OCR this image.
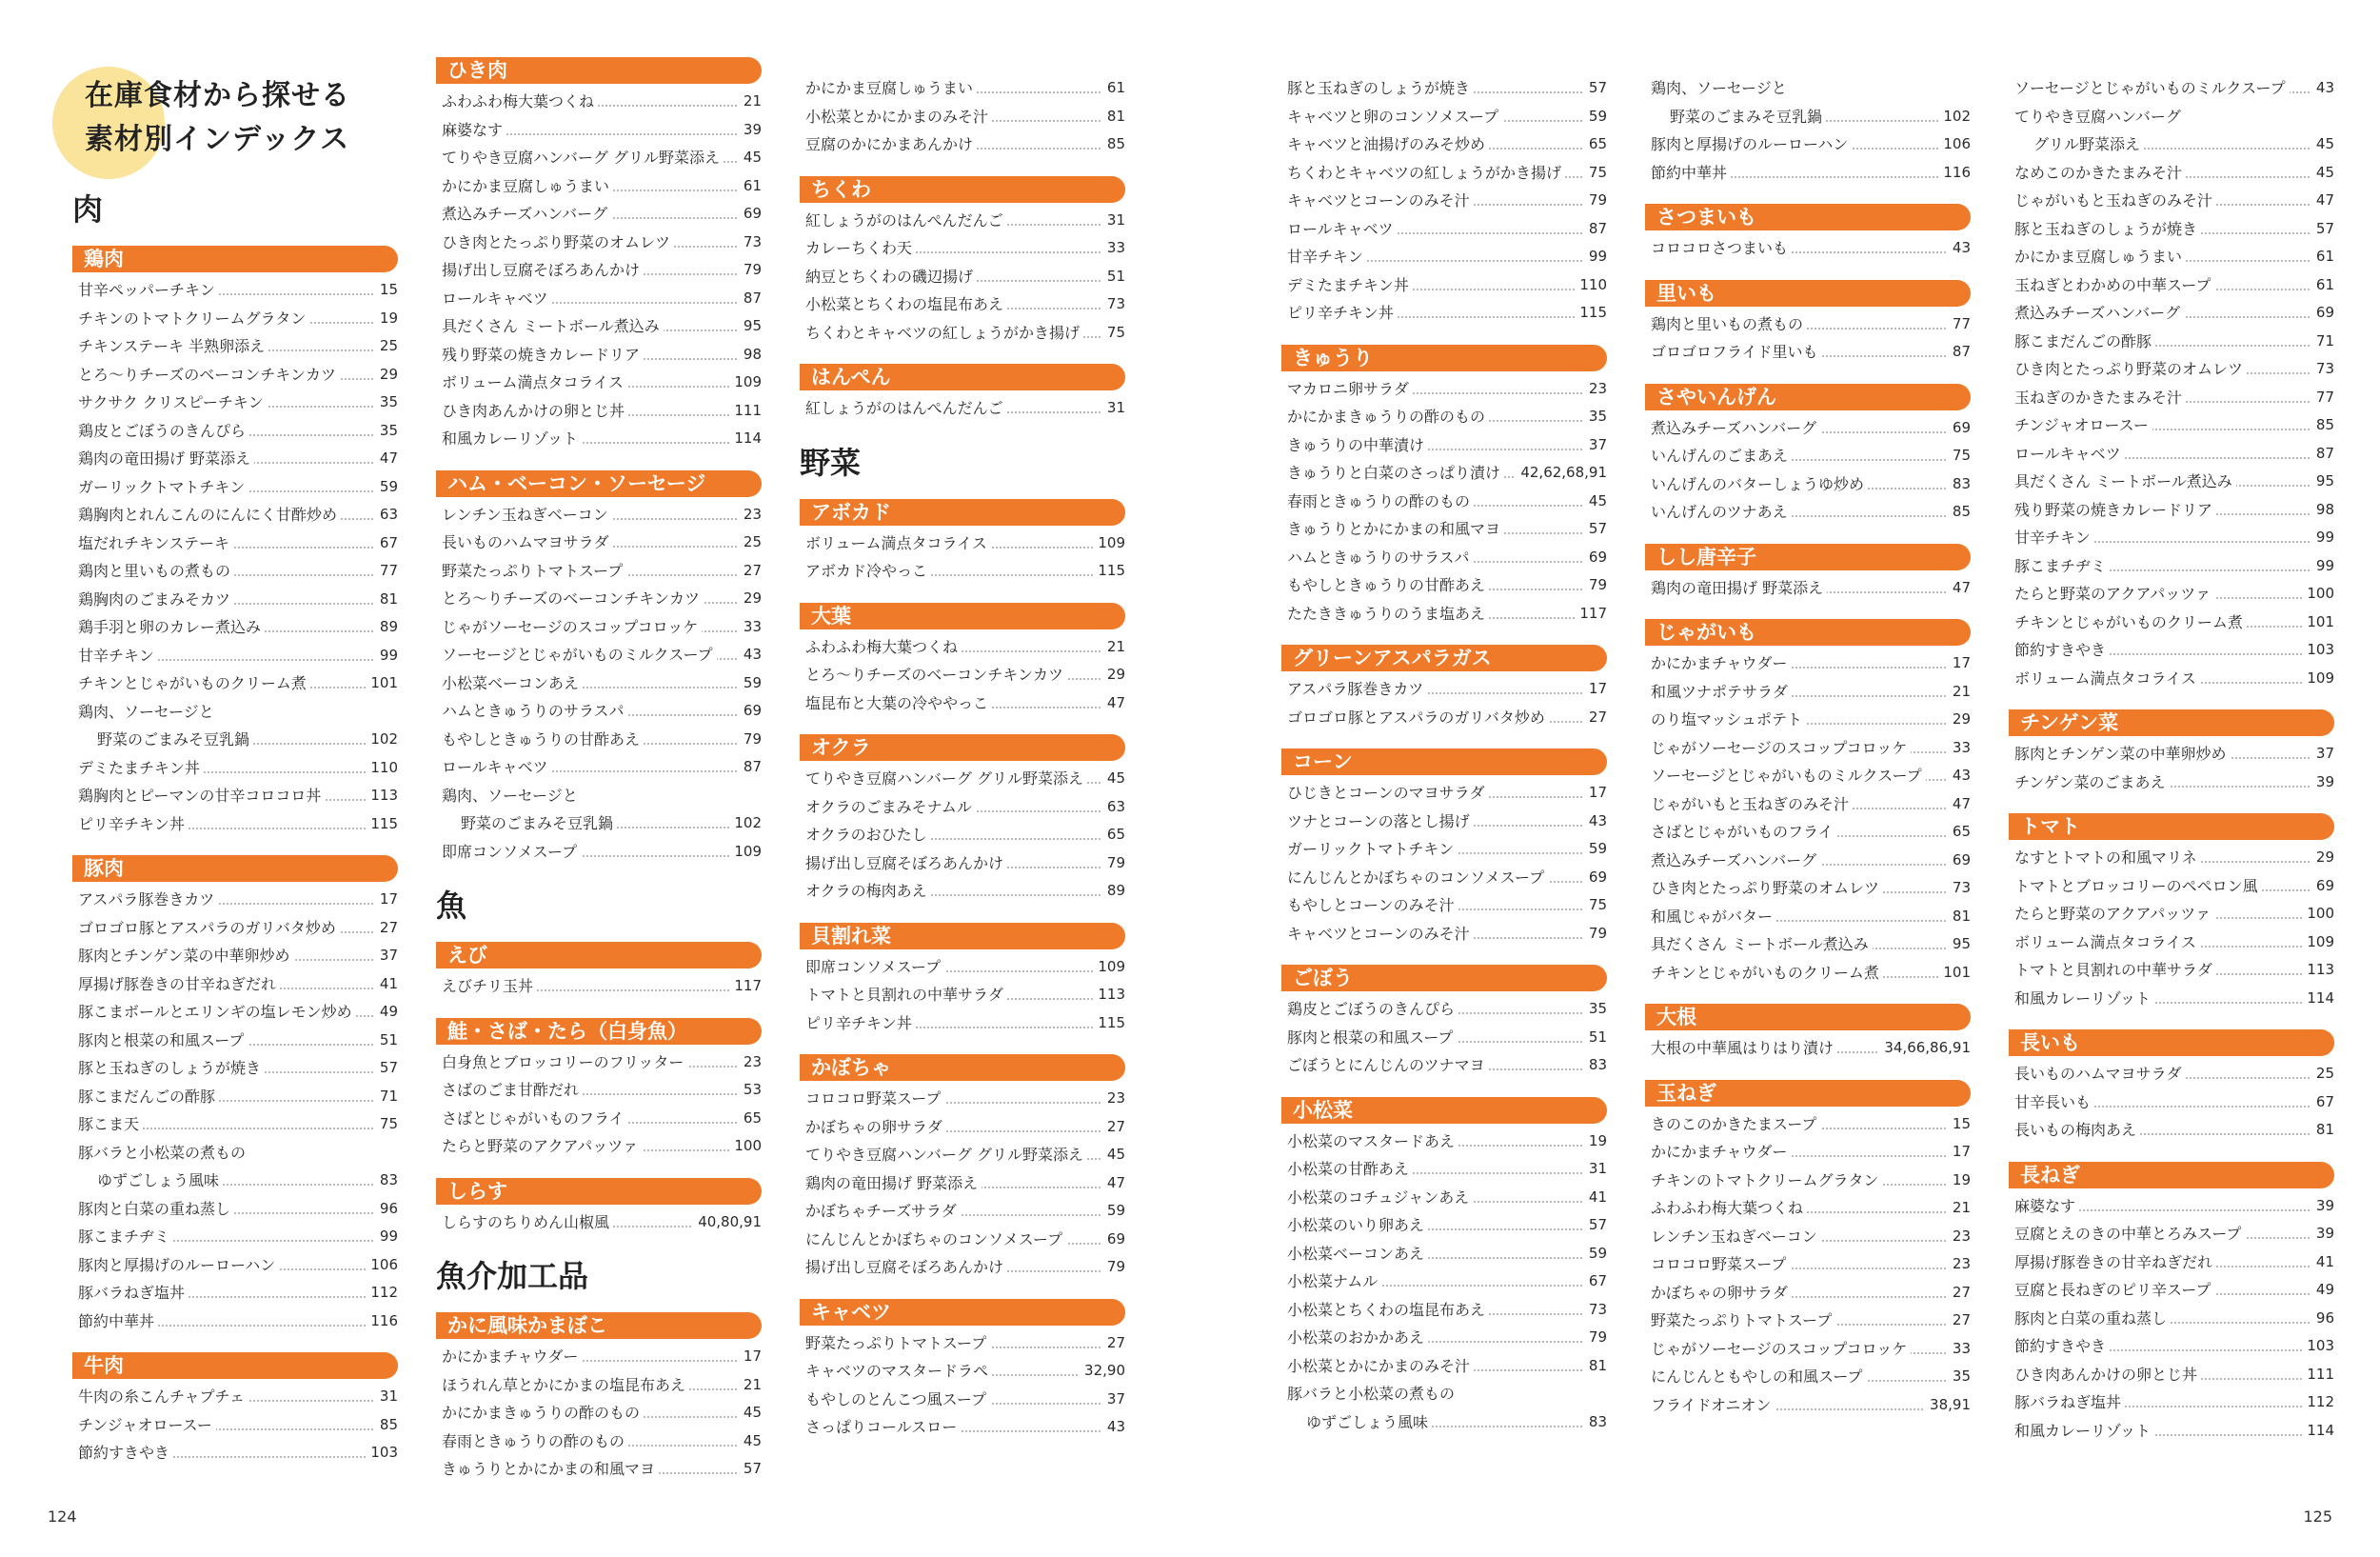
在庫食材から探せる
素材別インデックス
肉
鶏肉
甘辛ペッパーチキン	15
チキンのトマトクリームグラタン	19
チキンステーキ 半熟卵添え	25
とろ〜りチーズのベーコンチキンカツ	29
サクサク クリスピーチキン	35
鶏皮とごぼうのきんぴら	35
鶏肉の竜田揚げ 野菜添え	47
ガーリックトマトチキン	59
鶏胸肉とれんこんのにんにく甘酢炒め	63
塩だれチキンステーキ	67
鶏肉と里いもの煮もの	77
鶏胸肉のごまみそカツ	81
鶏手羽と卵のカレー煮込み	89
甘辛チキン	99
チキンとじゃがいものクリーム煮	101
鶏肉、ソーセージと
野菜のごまみそ豆乳鍋	102
デミたまチキン丼	110
鶏胸肉とピーマンの甘辛コロコロ丼	113
ピリ辛チキン丼	115
豚肉
アスパラ豚巻きカツ	17
ゴロゴロ豚とアスパラのガリバタ炒め	27
豚肉とチンゲン菜の中華卵炒め	37
厚揚げ豚巻きの甘辛ねぎだれ	41
豚こまボールとエリンギの塩レモン炒め	49
豚肉と根菜の和風スープ	51
豚と玉ねぎのしょうが焼き	57
豚こまだんごの酢豚	71
豚こま天	75
豚バラと小松菜の煮もの
ゆずごしょう風味	83
豚肉と白菜の重ね蒸し	96
豚こまチヂミ	99
豚肉と厚揚げのルーローハン	106
豚バラねぎ塩丼	112
節約中華丼	116
牛肉
牛肉の糸こんチャプチェ	31
チンジャオロースー	85
節約すきやき	103
ひき肉
ふわふわ梅大葉つくね	21
麻婆なす	39
てりやき豆腐ハンバーグ グリル野菜添え	45
かにかま豆腐しゅうまい	61
煮込みチーズハンバーグ	69
ひき肉とたっぷり野菜のオムレツ	73
揚げ出し豆腐そぼろあんかけ	79
ロールキャベツ	87
具だくさん ミートボール煮込み	95
残り野菜の焼きカレードリア	98
ボリューム満点タコライス	109
ひき肉あんかけの卵とじ丼	111
和風カレーリゾット	114
ハム・ベーコン・ソーセージ
レンチン玉ねぎベーコン	23
長いものハムマヨサラダ	25
野菜たっぷりトマトスープ	27
とろ〜りチーズのベーコンチキンカツ	29
じゃがソーセージのスコップコロッケ	33
ソーセージとじゃがいものミルクスープ	43
小松菜ベーコンあえ	59
ハムときゅうりのサラスパ	69
もやしときゅうりの甘酢あえ	79
ロールキャベツ	87
鶏肉、ソーセージと
野菜のごまみそ豆乳鍋	102
即席コンソメスープ	109
魚
えび
えびチリ玉丼	117
鮭・さば・たら（白身魚）
白身魚とブロッコリーのフリッター	23
さばのごま甘酢だれ	53
さばとじゃがいものフライ	65
たらと野菜のアクアパッツァ	100
しらす
しらすのちりめん山椒風	40,80,91
魚介加工品
かに風味かまぼこ
かにかまチャウダー	17
ほうれん草とかにかまの塩昆布あえ	21
かにかまきゅうりの酢のもの	45
春雨ときゅうりの酢のもの	45
きゅうりとかにかまの和風マヨ	57
かにかま豆腐しゅうまい	61
小松菜とかにかまのみそ汁	81
豆腐のかにかまあんかけ	85
ちくわ
紅しょうがのはんぺんだんご	31
カレーちくわ天	33
納豆とちくわの磯辺揚げ	51
小松菜とちくわの塩昆布あえ	73
ちくわとキャベツの紅しょうがかき揚げ	75
はんぺん
紅しょうがのはんぺんだんご	31
野菜
アボカド
ボリューム満点タコライス	109
アボカド冷やっこ	115
大葉
ふわふわ梅大葉つくね	21
とろ〜りチーズのベーコンチキンカツ	29
塩昆布と大葉の冷ややっこ	47
オクラ
てりやき豆腐ハンバーグ グリル野菜添え	45
オクラのごまみそナムル	63
オクラのおひたし	65
揚げ出し豆腐そぼろあんかけ	79
オクラの梅肉あえ	89
貝割れ菜
即席コンソメスープ	109
トマトと貝割れの中華サラダ	113
ピリ辛チキン丼	115
かぼちゃ
コロコロ野菜スープ	23
かぼちゃの卵サラダ	27
てりやき豆腐ハンバーグ グリル野菜添え	45
鶏肉の竜田揚げ 野菜添え	47
かぼちゃチーズサラダ	59
にんじんとかぼちゃのコンソメスープ	69
揚げ出し豆腐そぼろあんかけ	79
キャベツ
野菜たっぷりトマトスープ	27
キャベツのマスタードラペ	32,90
もやしのとんこつ風スープ	37
さっぱりコールスロー	43
豚と玉ねぎのしょうが焼き	57
キャベツと卵のコンソメスープ	59
キャベツと油揚げのみそ炒め	65
ちくわとキャベツの紅しょうがかき揚げ	75
キャベツとコーンのみそ汁	79
ロールキャベツ	87
甘辛チキン	99
デミたまチキン丼	110
ピリ辛チキン丼	115
きゅうり
マカロニ卵サラダ	23
かにかまきゅうりの酢のもの	35
きゅうりの中華漬け	37
きゅうりと白菜のさっぱり漬け	42,62,68,91
春雨ときゅうりの酢のもの	45
きゅうりとかにかまの和風マヨ	57
ハムときゅうりのサラスパ	69
もやしときゅうりの甘酢あえ	79
たたききゅうりのうま塩あえ	117
グリーンアスパラガス
アスパラ豚巻きカツ	17
ゴロゴロ豚とアスパラのガリバタ炒め	27
コーン
ひじきとコーンのマヨサラダ	17
ツナとコーンの落とし揚げ	43
ガーリックトマトチキン	59
にんじんとかぼちゃのコンソメスープ	69
もやしとコーンのみそ汁	75
キャベツとコーンのみそ汁	79
ごぼう
鶏皮とごぼうのきんぴら	35
豚肉と根菜の和風スープ	51
ごぼうとにんじんのツナマヨ	83
小松菜
小松菜のマスタードあえ	19
小松菜の甘酢あえ	31
小松菜のコチュジャンあえ	41
小松菜のいり卵あえ	57
小松菜ベーコンあえ	59
小松菜ナムル	67
小松菜とちくわの塩昆布あえ	73
小松菜のおかかあえ	79
小松菜とかにかまのみそ汁	81
豚バラと小松菜の煮もの
ゆずごしょう風味	83
鶏肉、ソーセージと
野菜のごまみそ豆乳鍋	102
豚肉と厚揚げのルーローハン	106
節約中華丼	116
さつまいも
コロコロさつまいも	43
里いも
鶏肉と里いもの煮もの	77
ゴロゴロフライド里いも	87
さやいんげん
煮込みチーズハンバーグ	69
いんげんのごまあえ	75
いんげんのバターしょうゆ炒め	83
いんげんのツナあえ	85
しし唐辛子
鶏肉の竜田揚げ 野菜添え	47
じゃがいも
かにかまチャウダー	17
和風ツナポテサラダ	21
のり塩マッシュポテト	29
じゃがソーセージのスコップコロッケ	33
ソーセージとじゃがいものミルクスープ	43
じゃがいもと玉ねぎのみそ汁	47
さばとじゃがいものフライ	65
煮込みチーズハンバーグ	69
ひき肉とたっぷり野菜のオムレツ	73
和風じゃがバター	81
具だくさん ミートボール煮込み	95
チキンとじゃがいものクリーム煮	101
大根
大根の中華風はりはり漬け	34,66,86,91
玉ねぎ
きのこのかきたまスープ	15
かにかまチャウダー	17
チキンのトマトクリームグラタン	19
ふわふわ梅大葉つくね	21
レンチン玉ねぎベーコン	23
コロコロ野菜スープ	23
かぼちゃの卵サラダ	27
野菜たっぷりトマトスープ	27
じゃがソーセージのスコップコロッケ	33
にんじんともやしの和風スープ	35
フライドオニオン	38,91
ソーセージとじゃがいものミルクスープ	43
てりやき豆腐ハンバーグ
グリル野菜添え	45
なめこのかきたまみそ汁	45
じゃがいもと玉ねぎのみそ汁	47
豚と玉ねぎのしょうが焼き	57
かにかま豆腐しゅうまい	61
玉ねぎとわかめの中華スープ	61
煮込みチーズハンバーグ	69
豚こまだんごの酢豚	71
ひき肉とたっぷり野菜のオムレツ	73
玉ねぎのかきたまみそ汁	77
チンジャオロースー	85
ロールキャベツ	87
具だくさん ミートボール煮込み	95
残り野菜の焼きカレードリア	98
甘辛チキン	99
豚こまチヂミ	99
たらと野菜のアクアパッツァ	100
チキンとじゃがいものクリーム煮	101
節約すきやき	103
ボリューム満点タコライス	109
チンゲン菜
豚肉とチンゲン菜の中華卵炒め	37
チンゲン菜のごまあえ	39
トマト
なすとトマトの和風マリネ	29
トマトとブロッコリーのペペロン風	69
たらと野菜のアクアパッツァ	100
ボリューム満点タコライス	109
トマトと貝割れの中華サラダ	113
和風カレーリゾット	114
長いも
長いものハムマヨサラダ	25
甘辛長いも	67
長いもの梅肉あえ	81
長ねぎ
麻婆なす	39
豆腐とえのきの中華とろみスープ	39
厚揚げ豚巻きの甘辛ねぎだれ	41
豆腐と長ねぎのピリ辛スープ	49
豚肉と白菜の重ね蒸し	96
節約すきやき	103
ひき肉あんかけの卵とじ丼	111
豚バラねぎ塩丼	112
和風カレーリゾット	114
124	125
